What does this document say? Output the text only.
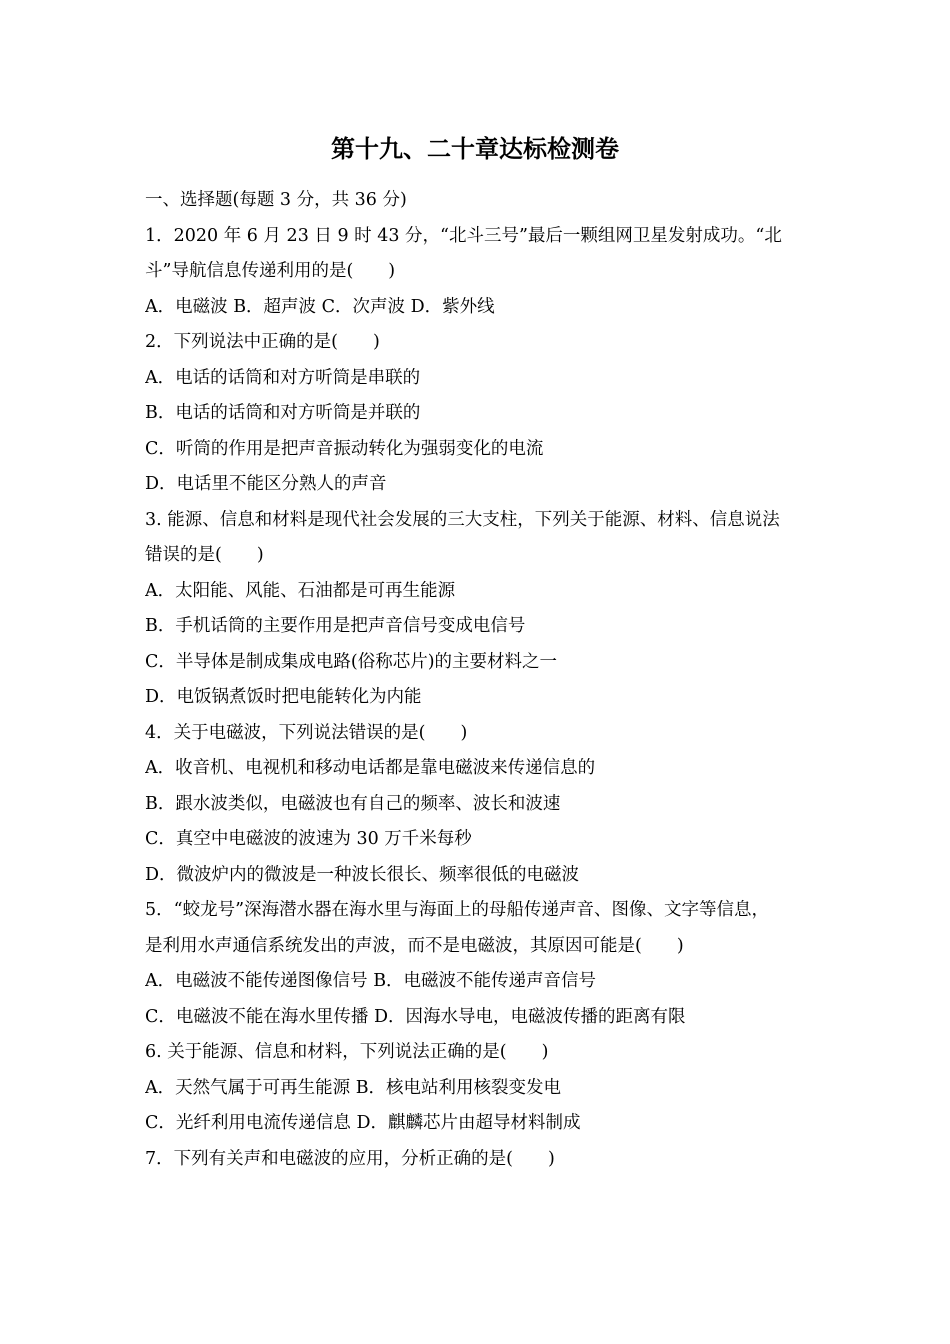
第十九、二十章达标检测卷
一、选择题(每题 3 分，共 36 分)
1．2020 年 6 月 23 日 9 时 43 分，“北斗三号”最后一颗组网卫星发射成功。“北
斗”导航信息传递利用的是(　　)
A．电磁波 B．超声波 C．次声波 D．紫外线
2．下列说法中正确的是(　　)
A．电话的话筒和对方听筒是串联的
B．电话的话筒和对方听筒是并联的
C．听筒的作用是把声音振动转化为强弱变化的电流
D．电话里不能区分熟人的声音
3. 能源、信息和材料是现代社会发展的三大支柱，下列关于能源、材料、信息说法
错误的是(　　)
A．太阳能、风能、石油都是可再生能源
B．手机话筒的主要作用是把声音信号变成电信号
C．半导体是制成集成电路(俗称芯片)的主要材料之一
D．电饭锅煮饭时把电能转化为内能
4．关于电磁波，下列说法错误的是(　　)
A．收音机、电视机和移动电话都是靠电磁波来传递信息的
B．跟水波类似，电磁波也有自己的频率、波长和波速
C．真空中电磁波的波速为 30 万千米每秒
D．微波炉内的微波是一种波长很长、频率很低的电磁波
5．“蛟龙号”深海潜水器在海水里与海面上的母船传递声音、图像、文字等信息，
是利用水声通信系统发出的声波，而不是电磁波，其原因可能是(　　)
A．电磁波不能传递图像信号 B．电磁波不能传递声音信号
C．电磁波不能在海水里传播 D．因海水导电，电磁波传播的距离有限
6. 关于能源、信息和材料，下列说法正确的是(　　)
A．天然气属于可再生能源 B．核电站利用核裂变发电
C．光纤利用电流传递信息 D．麒麟芯片由超导材料制成
7．下列有关声和电磁波的应用，分析正确的是(　　)
